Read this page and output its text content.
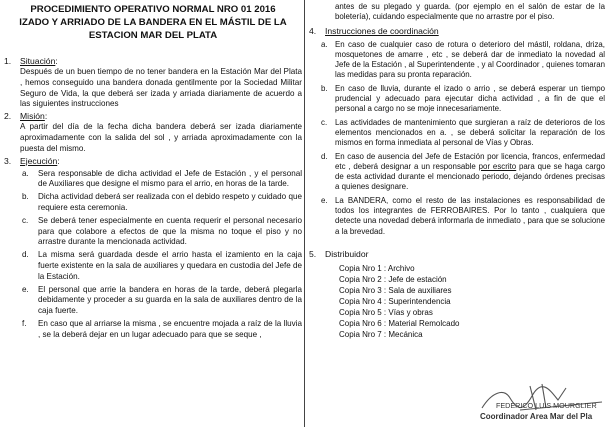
PROCEDIMIENTO OPERATIVO NORMAL NRO 01 2016
IZADO Y ARRIADO DE LA BANDERA EN EL MÁSTIL DE LA
ESTACION MAR DEL PLATA
1. Situación:
Después de un buen tiempo de no tener bandera en la Estación Mar del Plata , hemos conseguido una bandera donada gentilmente por la Sociedad Militar Seguro de Vida, la que deberá ser izada y arriada diariamente de acuerdo a las siguientes instrucciones
2. Misión:
A partir del día de la fecha dicha bandera deberá ser izada diariamente aproximadamente con la salida del sol , y arriada aproximadamente con la puesta del mismo.
3. Ejecución:
a. Sera responsable de dicha actividad el Jefe de Estación , y el personal de Auxiliares que designe el mismo para el arrio, en horas de la tarde.
b. Dicha actividad deberá ser realizada con el debido respeto y cuidado que requiere esta ceremonia.
c. Se deberá tener especialmente en cuenta requerir el personal necesario para que colabore a efectos de que la misma no toque el piso y no arrastre durante la mencionada actividad.
d. La misma será guardada desde el arrio hasta el izamiento en la caja fuerte existente en la sala de auxiliares y quedara en custodia del Jefe de la Estación.
e. El personal que arrie la bandera en horas de la tarde, deberá plegarla debidamente y proceder a su guarda en la sala de auxiliares dentro de la caja fuerte.
f. En caso que al arriarse la misma , se encuentre mojada a raíz de la lluvia , se la deberá dejar en un lugar adecuado para que se seque ,
antes de su plegado y guarda. (por ejemplo en el salón de estar de la boletería), cuidando especialmente que no arrastre por el piso.
4. Instrucciones de coordinación
a. En caso de cualquier caso de rotura o deterioro del mástil, roldana, driza, mosquetones de amarre , etc , se deberá dar de inmediato la novedad al Jefe de la Estación , al Superintendente , y al Coordinador , quienes tomaran las medidas para su pronta reparación.
b. En caso de lluvia, durante el izado o arrio , se deberá esperar un tiempo prudencial y adecuado para ejecutar dicha actividad , a fin de que el personal a cargo no se moje innecesariamente.
c. Las actividades de mantenimiento que surgieran a raíz de deterioros de los elementos mencionados en a. , se deberá solicitar la reparación de los mismos en forma inmediata al personal de Vías y Obras.
d. En caso de ausencia del Jefe de Estación por licencia, francos, enfermedad etc , deberá designar a un responsable por escrito para que se haga cargo de esta actividad durante el mencionado periodo, dejando órdenes precisas a quienes designare.
e. La BANDERA, como el resto de las instalaciones es responsabilidad de todos los integrantes de FERROBAIRES. Por lo tanto , cualquiera que detecte una novedad deberá informarla de inmediato , para que se solucione a la brevedad.
5. Distribuidor
Copia Nro 1 : Archivo
Copia Nro 2 : Jefe de estación
Copia Nro 3 : Sala de auxiliares
Copia Nro 4 : Superintendencia
Copia Nro 5 : Vías y obras
Copia Nro 6 : Material Remolcado
Copia Nro 7 : Mecánica
FEDERICO LUIS MOURGLIER
Coordinador Area Mar del Pla
